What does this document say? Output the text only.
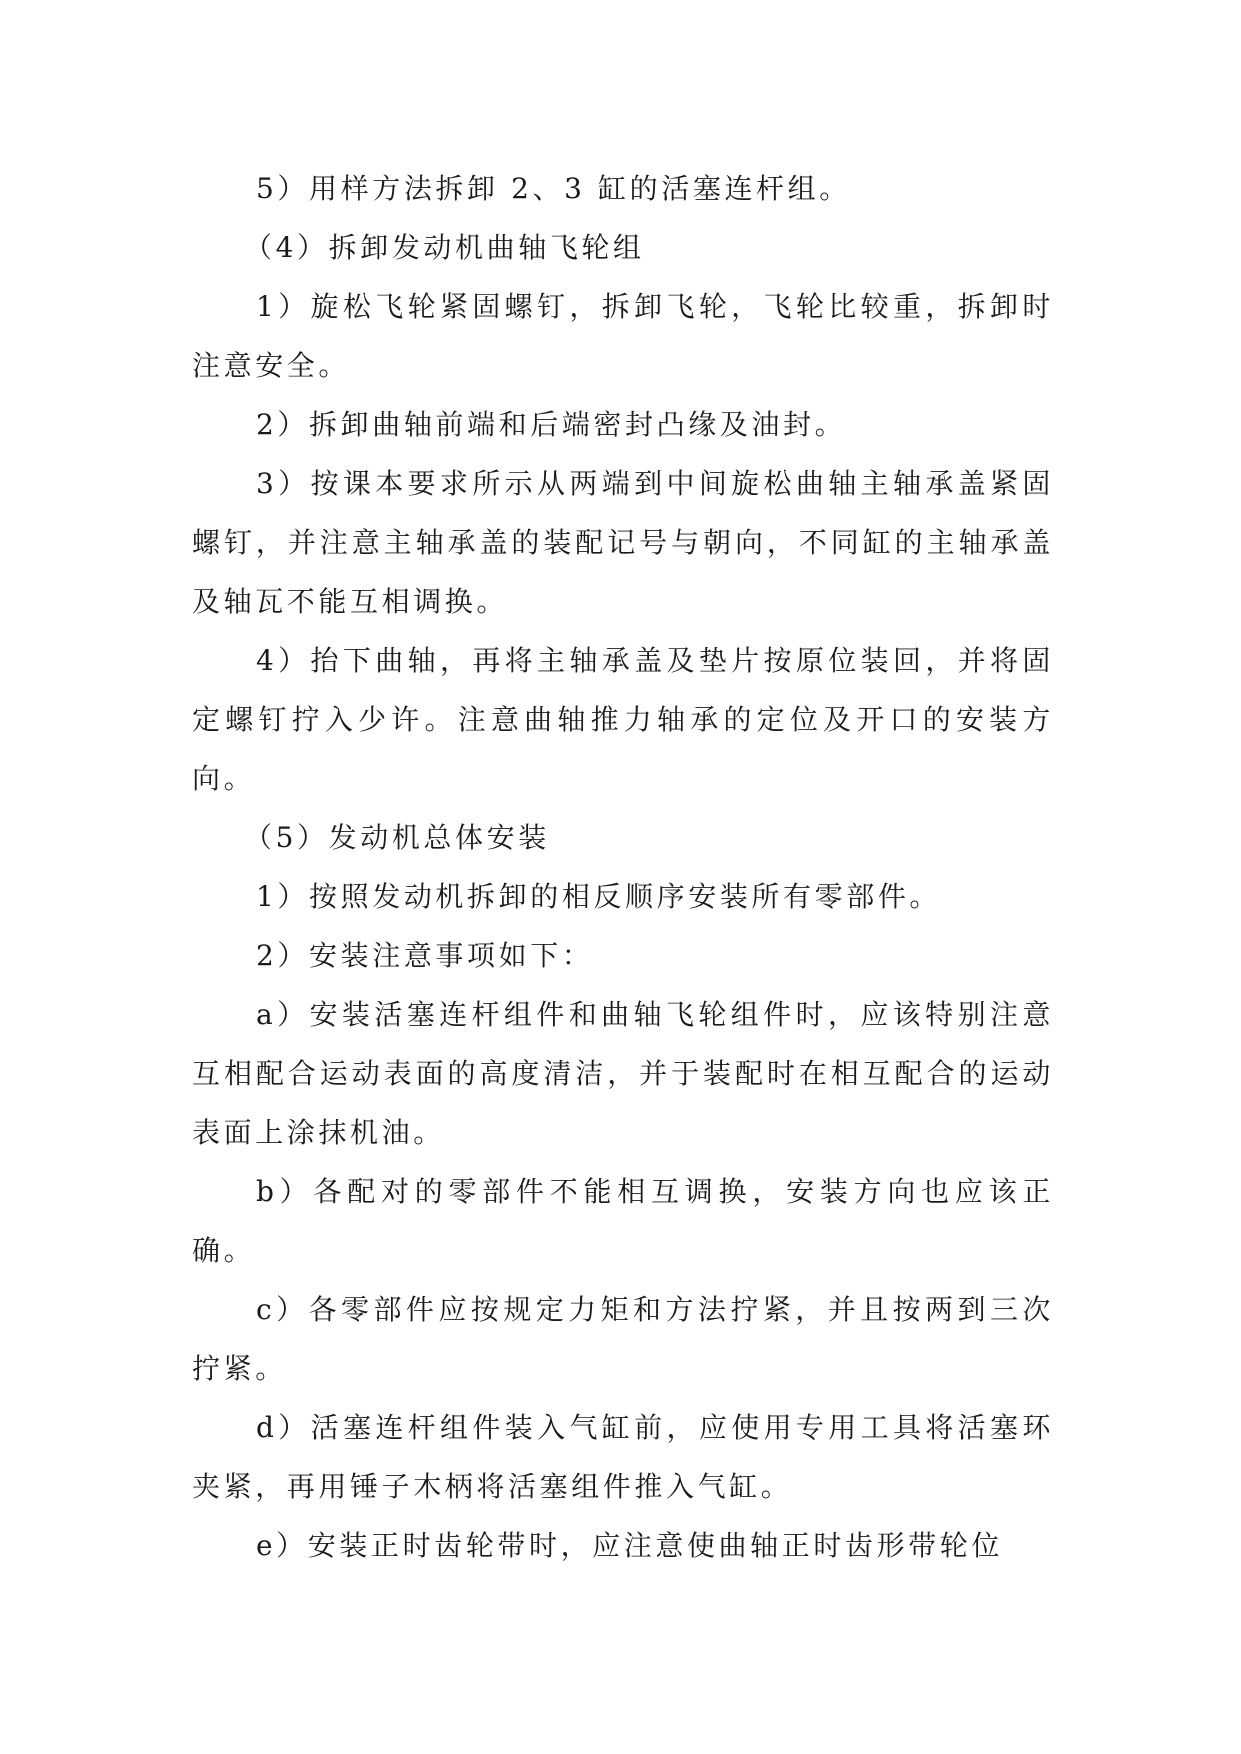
5）用样方法拆卸 2、3 缸的活塞连杆组。

（4）拆卸发动机曲轴飞轮组

1）旋松飞轮紧固螺钉，拆卸飞轮，飞轮比较重，拆卸时注意安全。

2）拆卸曲轴前端和后端密封凸缘及油封。

3）按课本要求所示从两端到中间旋松曲轴主轴承盖紧固螺钉，并注意主轴承盖的装配记号与朝向，不同缸的主轴承盖及轴瓦不能互相调换。

4）抬下曲轴，再将主轴承盖及垫片按原位装回，并将固定螺钉拧入少许。注意曲轴推力轴承的定位及开口的安装方向。

（5）发动机总体安装

1）按照发动机拆卸的相反顺序安装所有零部件。

2）安装注意事项如下：

a）安装活塞连杆组件和曲轴飞轮组件时，应该特别注意互相配合运动表面的高度清洁，并于装配时在相互配合的运动表面上涂抹机油。

b）各配对的零部件不能相互调换，安装方向也应该正确。

c）各零部件应按规定力矩和方法拧紧，并且按两到三次拧紧。

d）活塞连杆组件装入气缸前，应使用专用工具将活塞环夹紧，再用锤子木柄将活塞组件推入气缸。

e）安装正时齿轮带时，应注意使曲轴正时齿形带轮位
